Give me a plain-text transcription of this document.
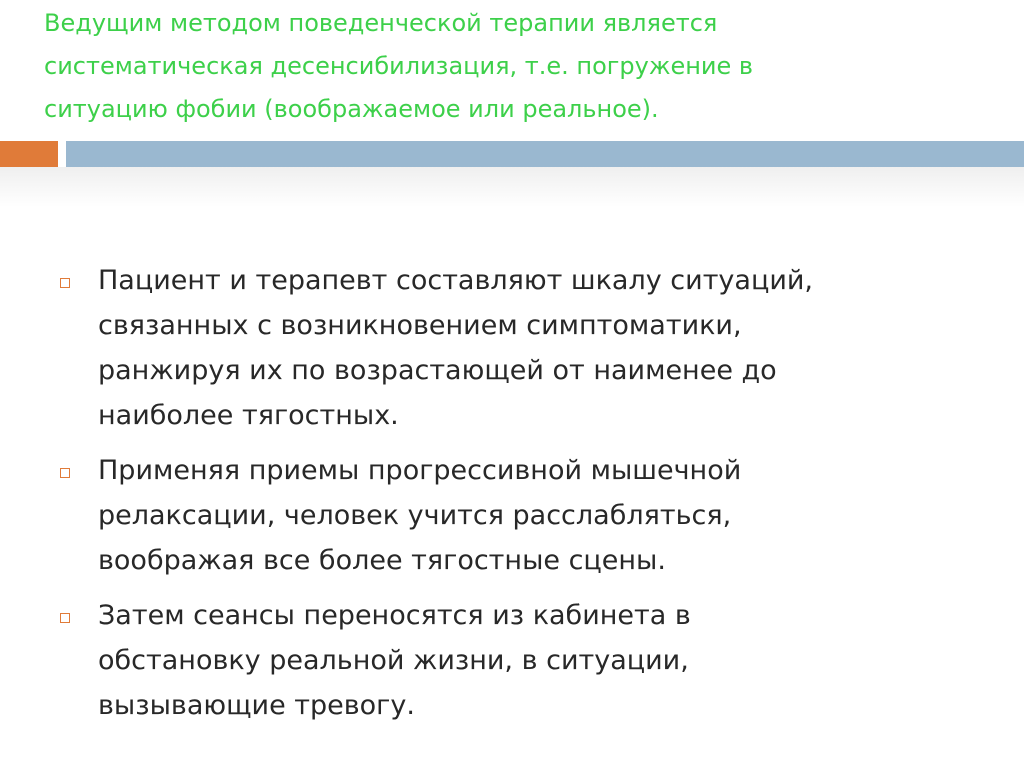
Ведущим методом поведенческой терапии является
систематическая десенсибилизация, т.е. погружение в
ситуацию фобии (воображаемое или реальное).
Пациент и терапевт составляют шкалу ситуаций,
связанных с возникновением симптоматики,
ранжируя их по возрастающей от наименее до
наиболее тягостных.
Применяя приемы прогрессивной мышечной
релаксации, человек учится расслабляться,
воображая все более тягостные сцены.
Затем сеансы переносятся из кабинета в
обстановку реальной жизни, в ситуации,
вызывающие тревогу.
